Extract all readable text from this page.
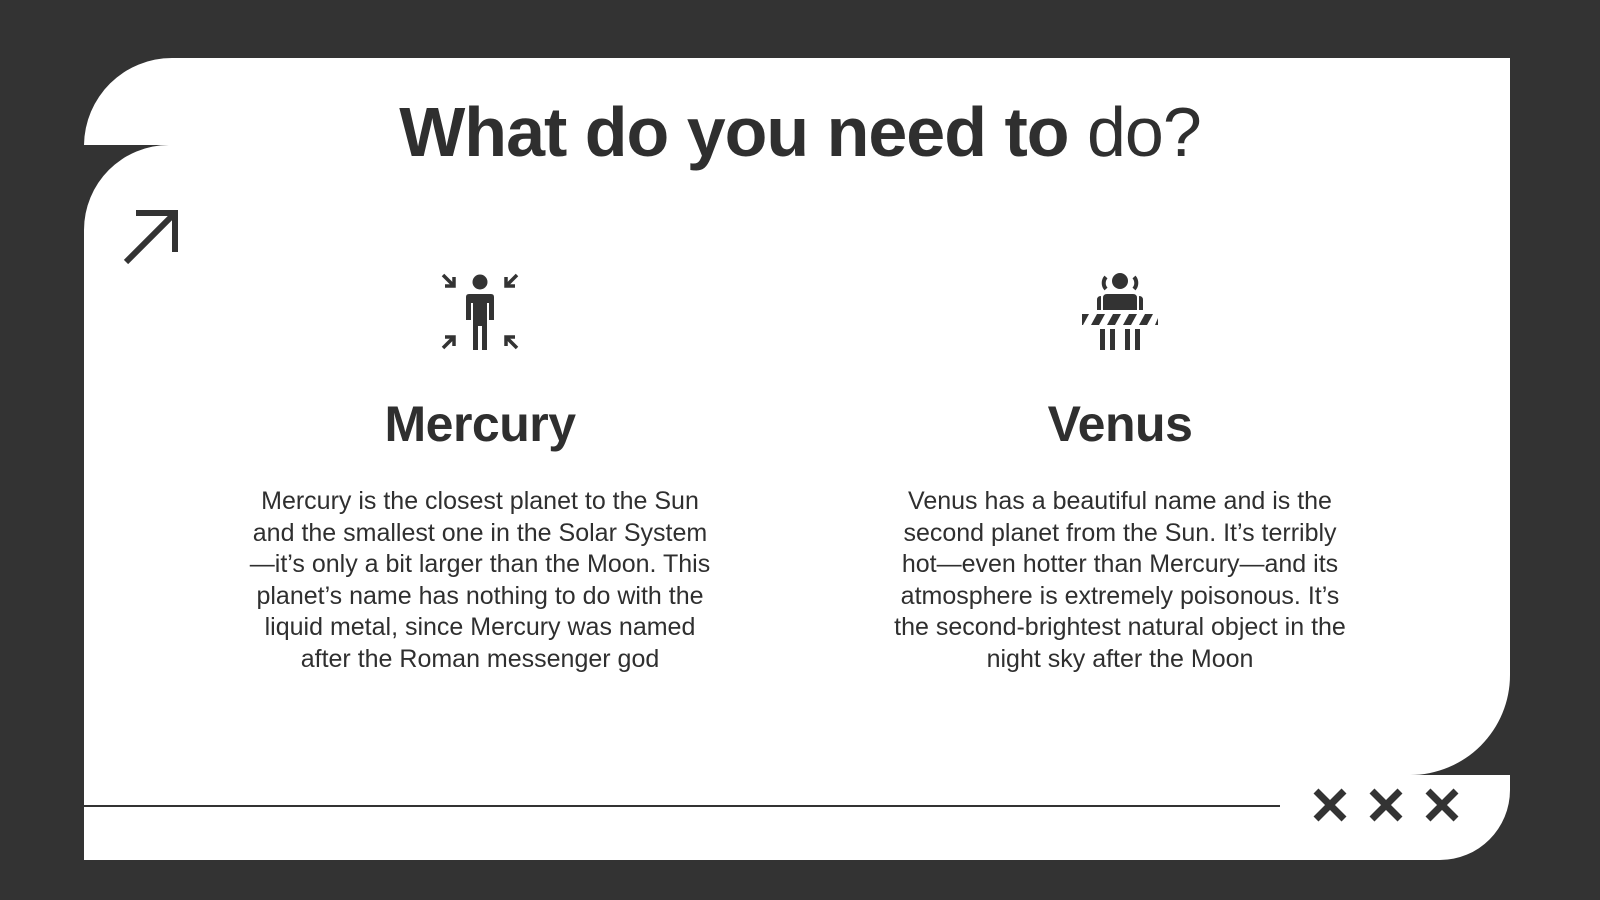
What do you need to do?
Mercury

Mercury is the closest planet to the Sun and the smallest one in the Solar System—it’s only a bit larger than the Moon. This planet’s name has nothing to do with the liquid metal, since Mercury was named after the Roman messenger god

Venus

Venus has a beautiful name and is the second planet from the Sun. It’s terribly hot—even hotter than Mercury—and its atmosphere is extremely poisonous. It’s the second-brightest natural object in the night sky after the Moon
